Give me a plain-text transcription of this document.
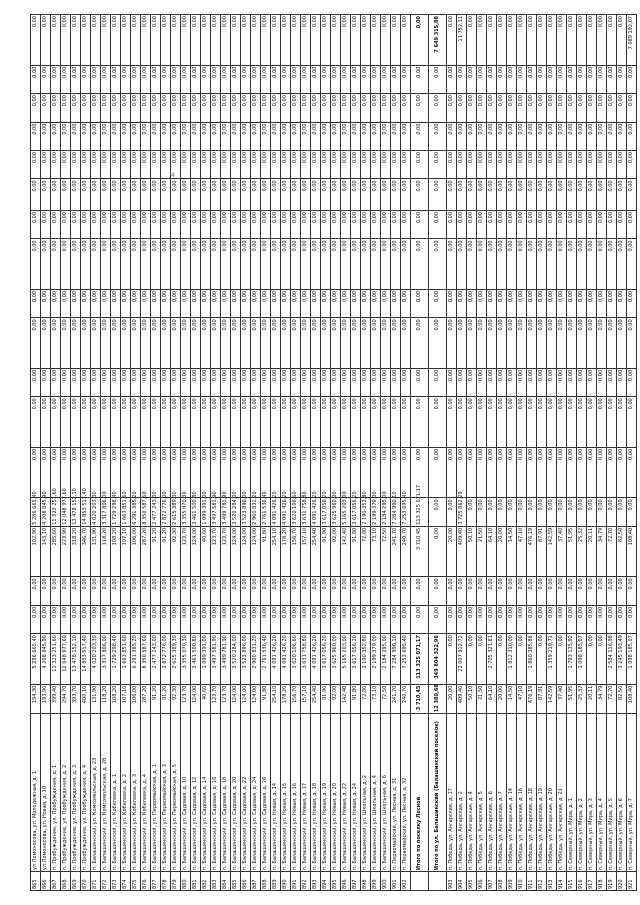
4
865	ул.Ломоносова, ул. Молодежная, д. 1	194,30	5 286 665,40	0,00	0,00	102,90	5 286 665,40	0,00	0,00	0,00	0,00	0,00	0,00	0,00	0,00	0,00	0,00	0,00	0,00	0,00
866	ул.Ломоносова, ул. Новая, д. 10	193,90	4 208 845,90	0,00	0,00	143,10	4 208 845,90	0,00	0,00	0,00	0,00	0,00	0,00	0,00	0,00	0,00	0,00	0,00	0,00	0,00
867	п. Пробуждение, ул. Пробуждения, д. 1	399,40	11 323 251,60	0,00	0,00	285,60	11 323 251,60	0,00	0,00	0,00	0,00	0,00	0,00	0,00	0,00	0,00	0,00	0,00	0,00	0,00
868	п. Пробуждение, ул. Пробуждения, д. 2	294,70	12 048 977,60	0,00	0,00	223,90	12 048 977,60	0,00	0,00	0,00	0,00	0,00	0,00	0,00	0,00	0,00	0,00	0,00	0,00	0,00
869	п. Пробуждение, ул. Пробуждения, д. 3	393,70	13 478 152,10	0,00	0,00	318,20	13 478 152,10	0,00	0,00	0,00	0,00	0,00	0,00	0,00	0,00	0,00	0,00	0,00	0,00	0,00
870	п. Пробуждение, ул. Пробуждения, д. 4	400,10	14 853 517,40	0,00	0,00	346,70	14 853 517,40	0,00	0,00	0,00	0,00	0,00	0,00	0,00	0,00	0,00	0,00	0,00	0,00	0,00
871	п. Балашинский, ул. Комсомольская, д. 23	131,90	4 020 203,30	0,00	0,00	131,90	4 020 203,30	0,00	0,00	0,00	0,00	0,00	0,00	0,00	0,00	0,00	0,00	0,00	0,00	0,00
872	п. Балашинский, ул. Комсомольская, д. 28	118,20	3 317 806,00	0,00	0,00	118,20	3 317 806,00	0,00	0,00	0,00	0,00	0,00	0,00	0,00	0,00	0,00	0,00	0,00	0,00	0,00
873	п. Балашинский, ул. Кобелевка, д. 1	108,20	1 729 298,40	0,00	0,00	108,20	1 729 298,40	0,00	0,00	0,00	0,00	0,00	0,00	0,00	0,00	0,00	0,00	0,00	0,00	0,00
874	п. Балашинский, ул. Кобелевка, д. 2	107,10	1 663 851,60	0,00	0,00	107,10	1 663 851,60	0,00	0,00	0,00	0,00	0,00	0,00	0,00	0,00	0,00	0,00	0,00	0,00	0,00
875	п. Балашинский, ул. Кобелевка, д. 3	106,00	6 291 385,20	0,00	0,00	106,00	6 291 385,20	0,00	0,00	0,00	0,00	0,00	0,00	0,00	0,00	0,00	0,00	0,00	0,00	0,00
876	п. Балашинский, ул. Кобелевка, д. 4	287,20	8 350 587,60	0,00	0,00	287,20	8 350 587,60	0,00	0,00	0,00	0,00	0,00	0,00	0,00	0,00	0,00	0,00	0,00	0,00	0,00
877	п. Балашинский, ул. Первомайская, д. 1	91,20	2 477 243,00	0,00	0,00	91,20	2 477 243,00	0,00	0,00	0,00	0,00	0,00	0,00	0,00	0,00	0,00	0,00	0,00	0,00	0,00
878	п. Балашинский, ул. Первомайская, д. 3	91,20	2 872 776,00	0,00	0,00	91,20	2 872 776,00	0,00	0,00	0,00	0,00	0,00	0,00	0,00	0,00	0,00	0,00	0,00	0,00	0,00
879	п. Балашинский, ул. Первомайская, д. 5	92,30	2 615 389,30	0,00	0,00	92,30	2 615 389,30	0,00	0,00	0,00	0,00	0,00	0,00	0,00	0,00	0,00	0,00	0,00	0,00	0,00
880	п. Балашинский, ул. Садовая, д. 10	123,70	3 355 070,30	0,00	0,00	123,70	3 355 070,30	0,00	0,00	0,00	0,00	0,00	0,00	0,00	0,00	0,00	0,00	0,00	0,00	0,00
881	п. Балашинский, ул. Садовая, д. 12	124,00	3 461 500,80	0,00	0,00	124,00	3 461 500,80	0,00	0,00	0,00	0,00	0,00	0,00	0,00	0,00	0,00	0,00	0,00	0,00	0,00
882	п. Балашинский, ул. Садовая, д. 14	40,60	1 099 391,00	0,00	0,00	40,60	1 099 391,00	0,00	0,00	0,00	0,00	0,00	0,00	0,00	0,00	0,00	0,00	0,00	0,00	0,00
883	п. Балашинский, ул. Садовая, д. 16	123,70	3 497 581,90	0,00	0,00	123,70	3 497 581,90	0,00	0,00	0,00	0,00	0,00	0,00	0,00	0,00	0,00	0,00	0,00	0,00	0,00
884	п. Балашинский, ул. Садовая, д. 18	123,70	3 499 781,90	0,00	0,00	123,70	3 499 781,90	0,00	0,00	0,00	0,00	0,00	0,00	0,00	0,00	0,00	0,00	0,00	0,00	0,00
885	п. Балашинский, ул. Садовая, д. 20	124,00	3 520 284,00	0,00	0,00	124,00	3 520 284,00	0,00	0,00	0,00	0,00	0,00	0,00	0,00	0,00	0,00	0,00	0,00	0,00	0,00
886	п. Балашинский, ул. Садовая, д. 22	124,00	3 523 896,00	0,00	0,00	124,00	3 523 896,00	0,00	0,00	0,00	0,00	0,00	0,00	0,00	0,00	0,00	0,00	0,00	0,00	0,00
887	п. Балашинский, ул. Садовая, д. 24	124,00	2 960 831,20	0,00	0,00	124,00	2 960 831,20	0,00	0,00	0,00	0,00	0,00	0,00	0,00	0,00	0,00	0,00	0,00	0,00	0,00
888	п. Балашинский, ул. Садовая, д. 26	91,80	2 761 536,40	0,00	0,00	91,80	2 761 536,40	0,00	0,00	0,00	0,00	0,00	0,00	0,00	0,00	0,00	0,00	0,00	0,00	0,00
889	п. Балашинский, ул. Новая, д. 14	254,10	4 091 426,20	0,00	0,00	254,10	4 091 426,20	0,00	0,00	0,00	0,00	0,00	0,00	0,00	0,00	0,00	0,00	0,00	0,00	0,00
890	п. Балашинский, ул. Новая, д. 15	178,20	4 091 426,20	0,00	0,00	178,20	4 091 426,20	0,00	0,00	0,00	0,00	0,00	0,00	0,00	0,00	0,00	0,00	0,00	0,00	0,00
891	п. Балашинский, ул. Новая, д. 16	156,70	3 620 106,60	0,00	0,00	156,70	3 620 106,60	0,00	0,00	0,00	0,00	0,00	0,00	0,00	0,00	0,00	0,00	0,00	0,00	0,00
892	п. Балашинский, ул. Новая, д. 17	157,10	3 631 758,80	0,00	0,00	157,10	3 631 758,80	0,00	0,00	0,00	0,00	0,00	0,00	0,00	0,00	0,00	0,00	0,00	0,00	0,00
893	п. Балашинский, ул. Новая, д. 18	254,40	4 091 426,20	0,00	0,00	254,40	4 091 426,20	0,00	0,00	0,00	0,00	0,00	0,00	0,00	0,00	0,00	0,00	0,00	0,00	0,00
894	п. Балашинский, ул. Новая, д. 19	91,90	3 617 056,20	0,00	0,00	91,90	3 617 056,20	0,00	0,00	0,00	0,00	0,00	0,00	0,00	0,00	0,00	0,00	0,00	0,00	0,00
895	п. Балашинский, ул. Новая, д. 20	92,00	3 625 960,00	0,00	0,00	92,00	3 625 960,00	0,00	0,00	0,00	0,00	0,00	0,00	0,00	0,00	0,00	0,00	0,00	0,00	0,00
896	п. Балашинский, ул. Новая, д. 22	142,40	5 165 203,00	0,00	0,00	142,40	5 165 203,00	0,00	0,00	0,00	0,00	0,00	0,00	0,00	0,00	0,00	0,00	0,00	0,00	0,00
897	п. Балашинский, ул. Новая, д. 24	91,80	3 617 056,20	0,00	0,00	91,80	3 617 056,20	0,00	0,00	0,00	0,00	0,00	0,00	0,00	0,00	0,00	0,00	0,00	0,00	0,00
898	п. Балашинский, ул. Школьная, д. 2	72,80	2 190 352,80	0,00	0,00	72,80	2 190 352,80	0,00	0,00	0,00	0,00	0,00	0,00	0,00	0,00	0,00	0,00	0,00	0,00	0,00
899	п. Балашинский, ул. Школьная, д. 4	73,10	2 199 379,00	0,00	0,00	73,10	2 199 379,00	0,00	0,00	0,00	0,00	0,00	0,00	0,00	0,00	0,00	0,00	0,00	0,00	0,00
900	п. Балашинский, ул. Школьная, д. 6	72,50	2 184 295,00	0,00	0,00	72,50	2 184 295,00	0,00	0,00	0,00	0,00	0,00	0,00	0,00	0,00	0,00	0,00	0,00	0,00	0,00
901	п. Первомайский, ул. Лесная, д. 31	241,70	7 284 990,10	0,00	0,00	241,70	7 284 990,10	0,00	0,00	0,00	0,00	0,00	0,00	0,00	0,00	0,00	0,00	0,00	0,00	0,00
902	п. Первомайский, ул. Лесная, д. 32	240,70	7 253 695,40	0,00	0,00	240,70	7 253 695,40	0,00	0,00	0,00	0,00	0,00	0,00	0,00	0,00	0,00	0,00	0,00	0,00	0,00
	Итого по поселку Лесной	3 710,45	113 325 071,17	0,00	0,00	3 710,45	113 325 071,17	0,00	0,00	0,00	0,00	0,00	0,00	0,00	0,00	0,00	0,00	0,00	0,00	0,00
	Итого по ул. Балашинский (Балашинский поселок)	12 380,68	349 804 322,96	0,00	0,00	0,00	0,00	0,00	0,00	0,00	0,00	0,00	0,00	0,00	0,00	0,00	0,00	0,00	0,00	7 649 315,88
903	п. Победа, ул. Ангарская, д. 17	20,00	0,00	0,00	0,00	20,00	0,00	0,00	0,00	0,00	0,00	0,00	0,00	0,00	0,00	0,00	0,00	0,00	0,00	0,00
904	п. Победа, ул. Ангарская, д. 2	409,40	22 007 912,72	0,00	0,00	409,40	3 725 862,29	0,00	0,00	0,00	0,00	0,00	0,00	0,00	0,00	0,00	0,00	0,00	0,00	11 752,11
905	п. Победа, ул. Ангарская, д. 4	50,10	0,00	0,00	0,00	50,10	0,00	0,00	0,00	0,00	0,00	0,00	0,00	0,00	0,00	0,00	0,00	0,00	0,00	0,00
906	п. Победа, ул. Ангарская, д. 5	21,50	0,00	0,00	0,00	21,50	0,00	0,00	0,00	0,00	0,00	0,00	0,00	0,00	0,00	0,00	0,00	0,00	0,00	0,00
907	п. Победа, ул. Ангарская, д. 6	64,10	2 705 321,81	0,00	0,00	64,10	0,00	0,00	0,00	0,00	0,00	0,00	0,00	0,00	0,00	0,00	0,00	0,00	0,00	0,00
908	п. Победа, ул. Ангарская, д. 7	20,00	0,00	0,00	0,00	20,00	0,00	0,00	0,00	0,00	0,00	0,00	0,00	0,00	0,00	0,00	0,00	0,00	0,00	0,00
909	п. Победа, ул. Ангарская, д. 14	14,50	1 812 310,00	0,00	0,00	14,50	0,00	0,00	0,00	0,00	0,00	0,00	0,00	0,00	0,00	0,00	0,00	0,00	0,00	0,00
910	п. Победа, ул. Ангарская, д. 16	47,10	0,00	0,00	0,00	47,10	0,00	0,00	0,00	0,00	0,00	0,00	0,00	0,00	0,00	0,00	0,00	0,00	0,00	0,00
911	п. Победа, ул. Ангарская, д. 18	476,19	1 860 385,86	0,00	0,00	476,19	0,00	0,00	0,00	0,00	0,00	0,00	0,00	0,00	0,00	0,00	0,00	0,00	0,00	0,00
912	п. Победа, ул. Ангарская, д. 19	87,91	0,00	0,00	0,00	87,91	0,00	0,00	0,00	0,00	0,00	0,00	0,00	0,00	0,00	0,00	0,00	0,00	0,00	0,00
913	п. Победа, ул. Ангарская, д. 20	142,59	1 359 219,71	0,00	0,00	142,59	0,00	0,00	0,00	0,00	0,00	0,00	0,00	0,00	0,00	0,00	0,00	0,00	0,00	0,00
914	п. Победа, ул. Ангарская, д. 21	37,40	0,00	0,00	0,00	37,40	0,00	0,00	0,00	0,00	0,00	0,00	0,00	0,00	0,00	0,00	0,00	0,00	0,00	0,00
915	п. Северный, ул. Мира, д. 1	51,95	1 793 135,92	0,00	0,00	51,95	0,00	0,00	0,00	0,00	0,00	0,00	0,00	0,00	0,00	0,00	0,00	0,00	0,00	0,00
916	п. Северный, ул. Мира, д. 2	25,32	1 098 185,07	0,00	0,00	25,32	0,00	0,00	0,00	0,00	0,00	0,00	0,00	0,00	0,00	0,00	0,00	0,00	0,00	0,00
917	п. Северный, ул. Мира, д. 3	20,11	0,00	0,00	0,00	20,11	0,00	0,00	0,00	0,00	0,00	0,00	0,00	0,00	0,00	0,00	0,00	0,00	0,00	0,00
918	п. Северный, ул. Мира, д. 4	34,79	0,00	0,00	0,00	34,79	0,00	0,00	0,00	0,00	0,00	0,00	0,00	0,00	0,00	0,00	0,00	0,00	0,00	0,00
919	п. Северный, ул. Мира, д. 5	72,70	2 584 116,98	0,00	0,00	72,70	0,00	0,00	0,00	0,00	0,00	0,00	0,00	0,00	0,00	0,00	0,00	0,00	0,00	0,00
920	п. Северный, ул. Мира, д. 6	82,50	3 245 193,49	0,00	0,00	82,50	0,00	0,00	0,00	0,00	0,00	0,00	0,00	0,00	0,00	0,00	0,00	0,00	0,00	0,00
921	п. Северный, ул. Мира, д. 7	108,40	1 098 185,07	0,00	0,00	108,40	0,00	0,00	0,00	0,00	0,00	0,00	0,00	0,00	0,00	0,00	0,00	0,00	0,00	7 089 192,07
